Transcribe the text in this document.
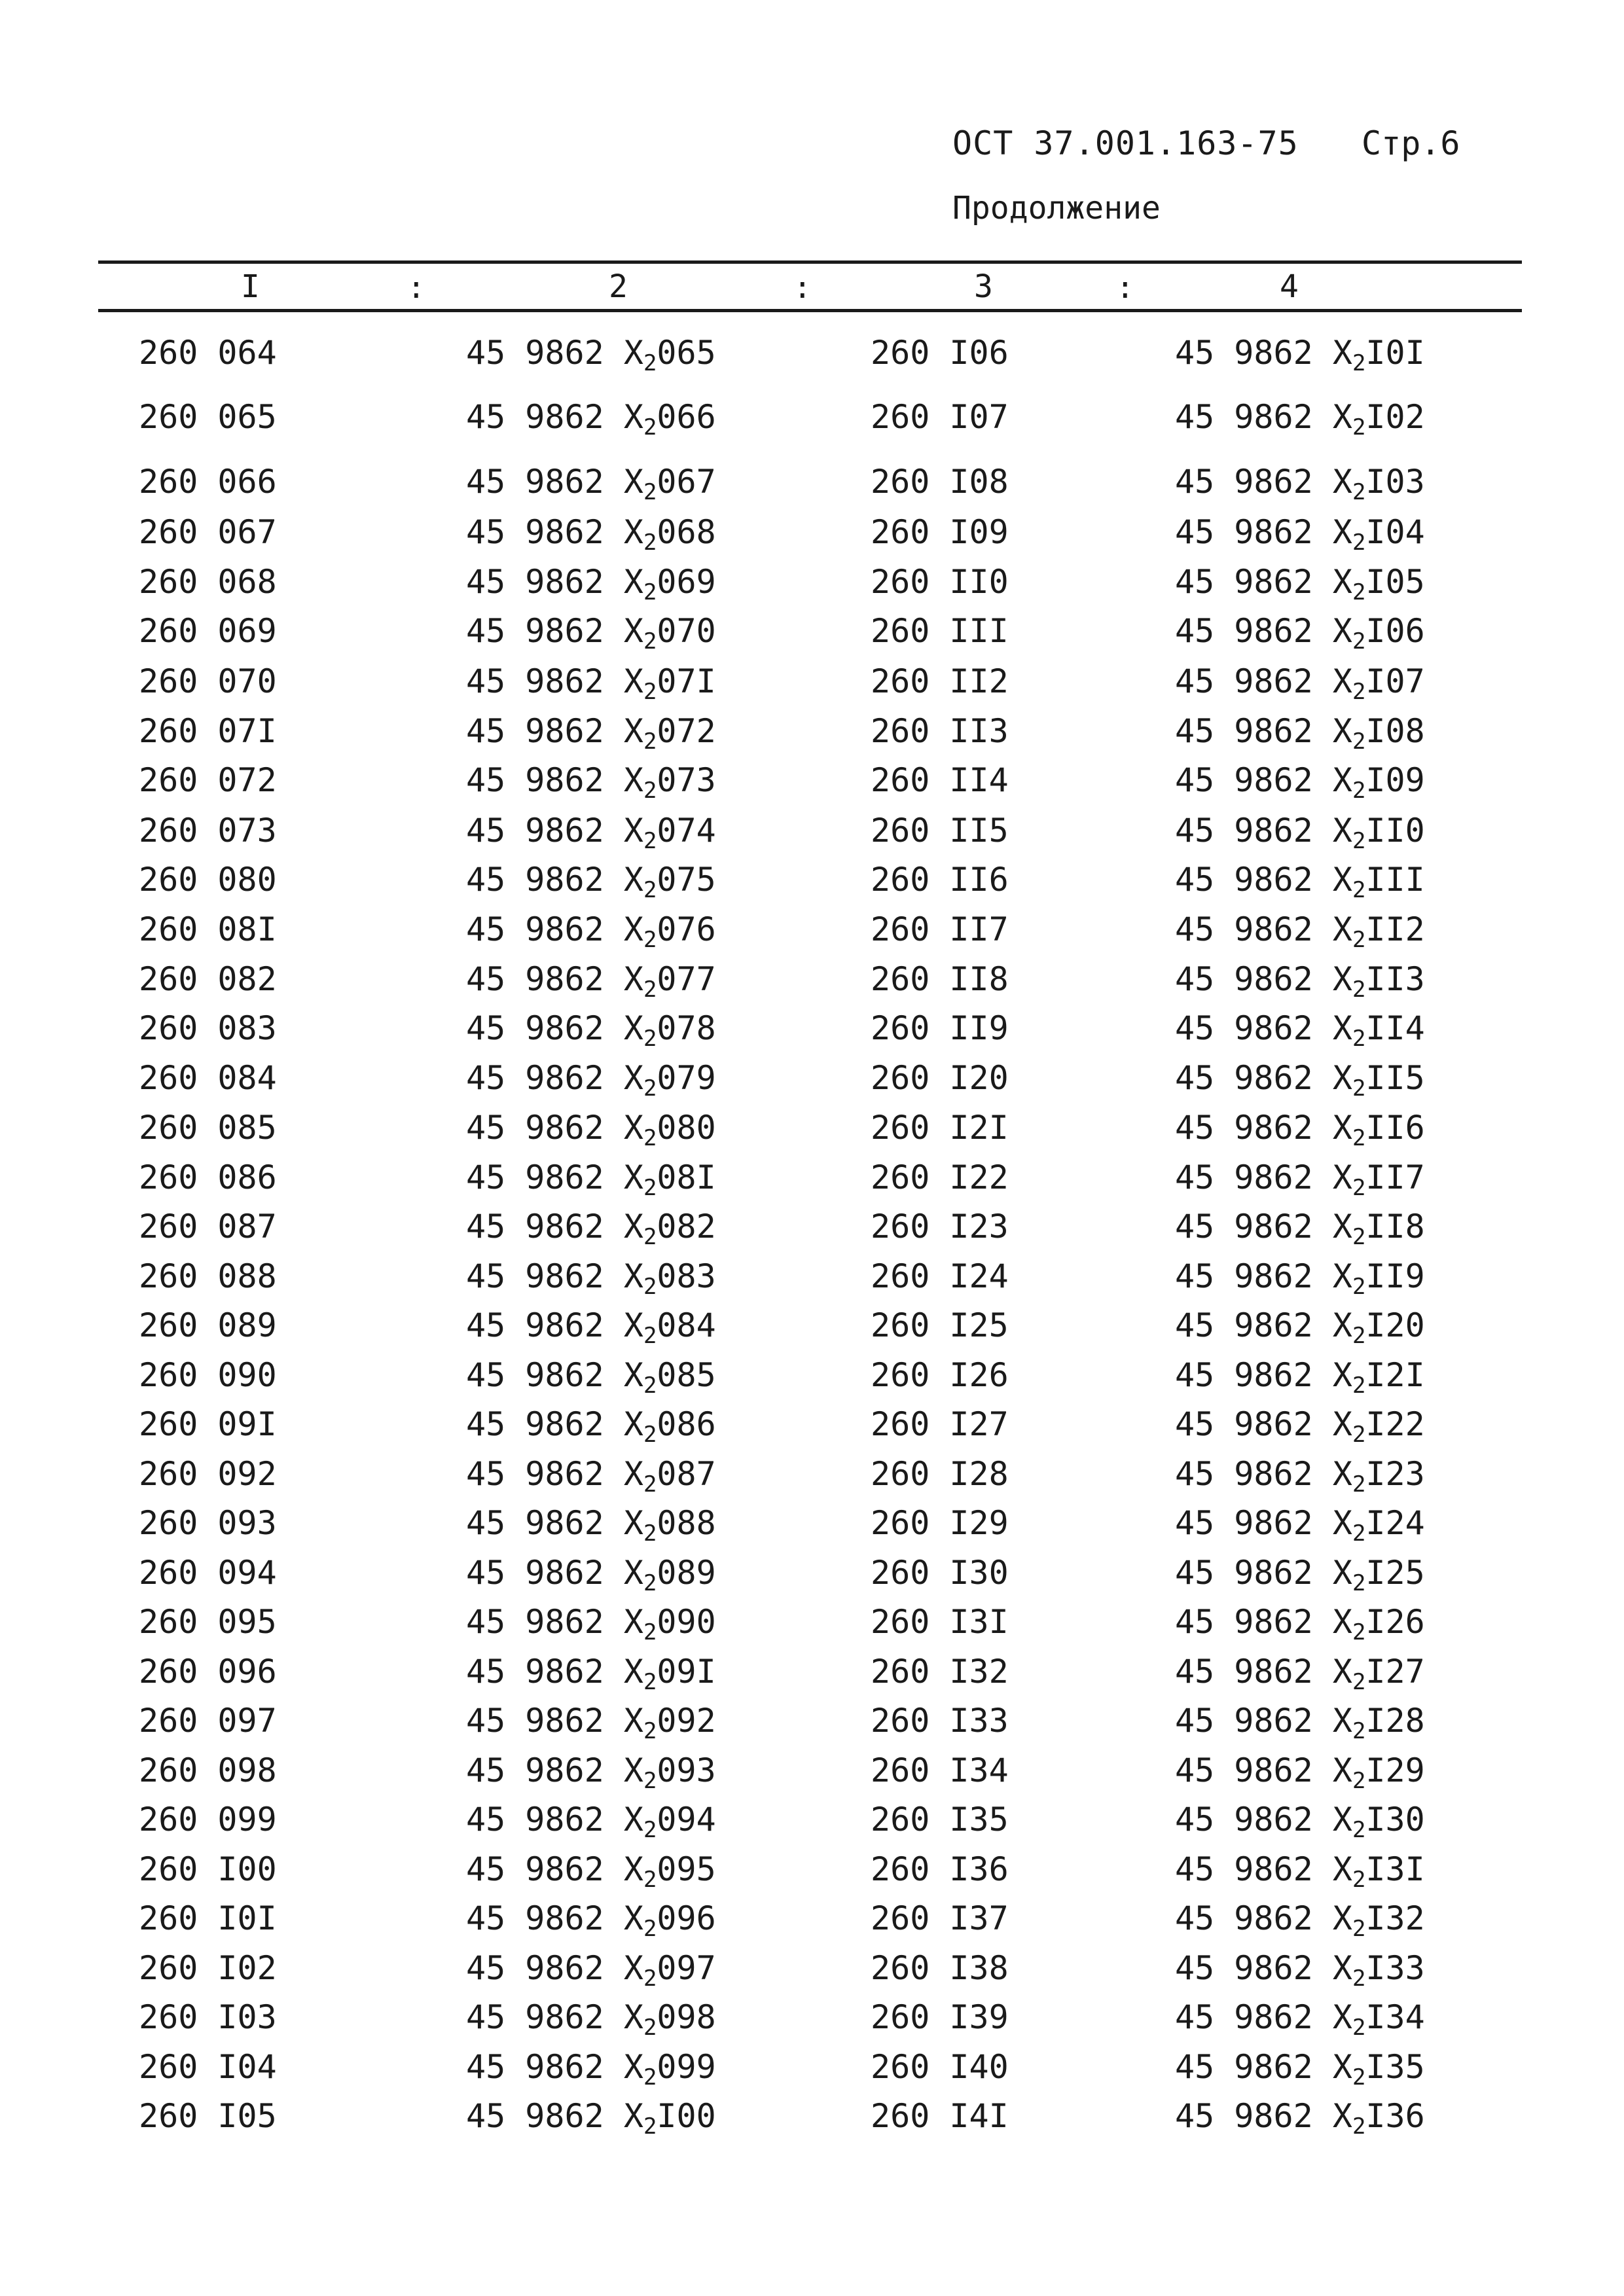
ОСТ 37.001.163-75 Стр.6
Продолжение
I	:	2	:	3	:	4
260 064	45 9862 $X_2065$	260 I06	45 9862 $X_2I0I$
260 065	45 9862 $X_2066$	260 I07	45 9862 $X_2I02$
260 066	45 9862 $X_2067$	260 I08	45 9862 $X_2I03$
260 067	45 9862 $X_2068$	260 I09	45 9862 $X_2I04$
260 068	45 9862 $X_2069$	260 II0	45 9862 $X_2I05$
260 069	45 9862 $X_2070$	260 III	45 9862 $X_2I06$
260 070	45 9862 $X_207I$	260 II2	45 9862 $X_2I07$
260 07I	45 9862 $X_2072$	260 II3	45 9862 $X_2I08$
260 072	45 9862 $X_2073$	260 II4	45 9862 $X_2I09$
260 073	45 9862 $X_2074$	260 II5	45 9862 $X_2II0$
260 080	45 9862 $X_2075$	260 II6	45 9862 $X_2III$
260 08I	45 9862 $X_2076$	260 II7	45 9862 $X_2II2$
260 082	45 9862 $X_2077$	260 II8	45 9862 $X_2II3$
260 083	45 9862 $X_2078$	260 II9	45 9862 $X_2II4$
260 084	45 9862 $X_2079$	260 I20	45 9862 $X_2II5$
260 085	45 9862 $X_2080$	260 I2I	45 9862 $X_2II6$
260 086	45 9862 $X_208I$	260 I22	45 9862 $X_2II7$
260 087	45 9862 $X_2082$	260 I23	45 9862 $X_2II8$
260 088	45 9862 $X_2083$	260 I24	45 9862 $X_2II9$
260 089	45 9862 $X_2084$	260 I25	45 9862 $X_2I20$
260 090	45 9862 $X_2085$	260 I26	45 9862 $X_2I2I$
260 09I	45 9862 $X_2086$	260 I27	45 9862 $X_2I22$
260 092	45 9862 $X_2087$	260 I28	45 9862 $X_2I23$
260 093	45 9862 $X_2088$	260 I29	45 9862 $X_2I24$
260 094	45 9862 $X_2089$	260 I30	45 9862 $X_2I25$
260 095	45 9862 $X_2090$	260 I3I	45 9862 $X_2I26$
260 096	45 9862 $X_209I$	260 I32	45 9862 $X_2I27$
260 097	45 9862 $X_2092$	260 I33	45 9862 $X_2I28$
260 098	45 9862 $X_2093$	260 I34	45 9862 $X_2I29$
260 099	45 9862 $X_2094$	260 I35	45 9862 $X_2I30$
260 I00	45 9862 $X_2095$	260 I36	45 9862 $X_2I3I$
260 I0I	45 9862 $X_2096$	260 I37	45 9862 $X_2I32$
260 I02	45 9862 $X_2097$	260 I38	45 9862 $X_2I33$
260 I03	45 9862 $X_2098$	260 I39	45 9862 $X_2I34$
260 I04	45 9862 $X_2099$	260 I40	45 9862 $X_2I35$
260 I05	45 9862 $X_2I00$	260 I4I	45 9862 $X_2I36$
